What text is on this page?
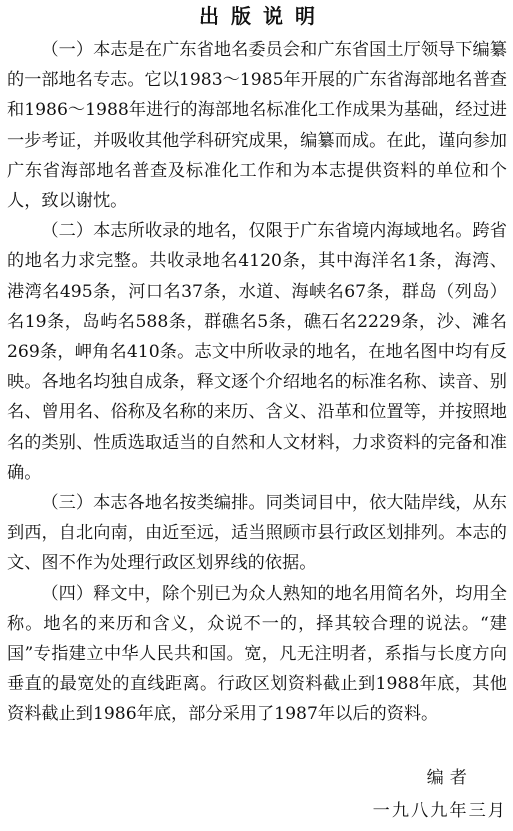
出版说明

（一）本志是在广东省地名委员会和广东省国土厅领导下编纂的一部地名专志。它以1983～1985年开展的广东省海部地名普查和1986～1988年进行的海部地名标准化工作成果为基础，经过进一步考证，并吸收其他学科研究成果，编纂而成。在此，谨向参加广东省海部地名普查及标准化工作和为本志提供资料的单位和个人，致以谢忱。

（二）本志所收录的地名，仅限于广东省境内海域地名。跨省的地名力求完整。共收录地名4120条，其中海洋名1条，海湾、港湾名495条，河口名37条，水道、海峡名67条，群岛（列岛）名19条，岛屿名588条，群礁名5条，礁石名2229条，沙、滩名269条，岬角名410条。志文中所收录的地名，在地名图中均有反映。各地名均独自成条，释文逐个介绍地名的标准名称、读音、别名、曾用名、俗称及名称的来历、含义、沿革和位置等，并按照地名的类别、性质选取适当的自然和人文材料，力求资料的完备和准确。

（三）本志各地名按类编排。同类词目中，依大陆岸线，从东到西，自北向南，由近至远，适当照顾市县行政区划排列。本志的文、图不作为处理行政区划界线的依据。

（四）释文中，除个别已为众人熟知的地名用简名外，均用全称。地名的来历和含义，众说不一的，择其较合理的说法。“建国”专指建立中华人民共和国。宽，凡无注明者，系指与长度方向垂直的最宽处的直线距离。行政区划资料截止到1988年底，其他资料截止到1986年底，部分采用了1987年以后的资料。

编者
一九八九年三月
